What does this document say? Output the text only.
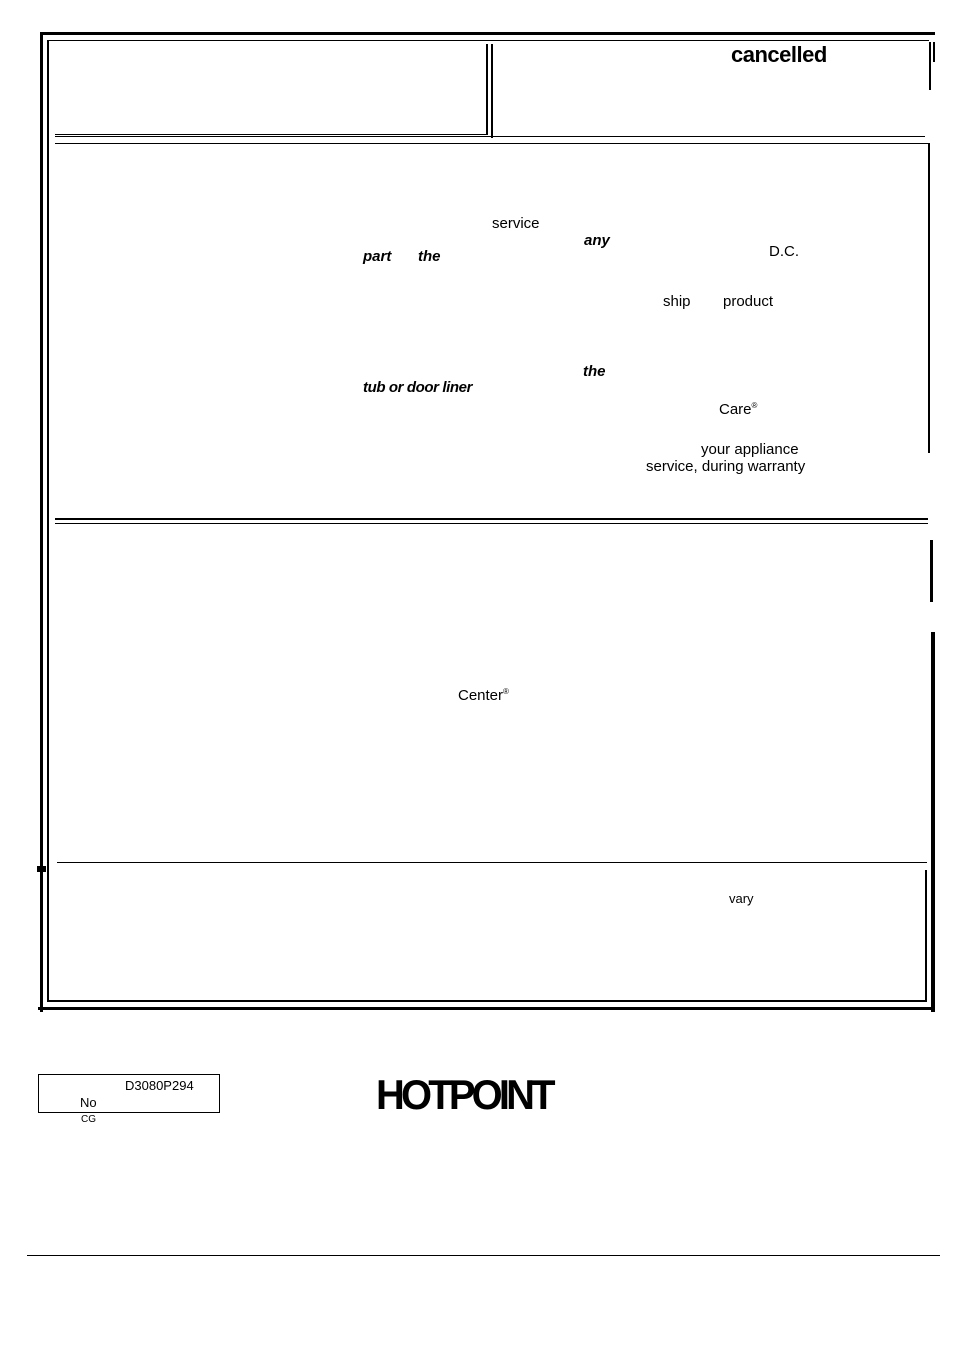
cancelled
service
any
D.C.
part the
ship product
the
tub or door liner
Care®
your appliance
service, during warranty
Center®
vary
D3080P294
No
CG
HOTPOINT
